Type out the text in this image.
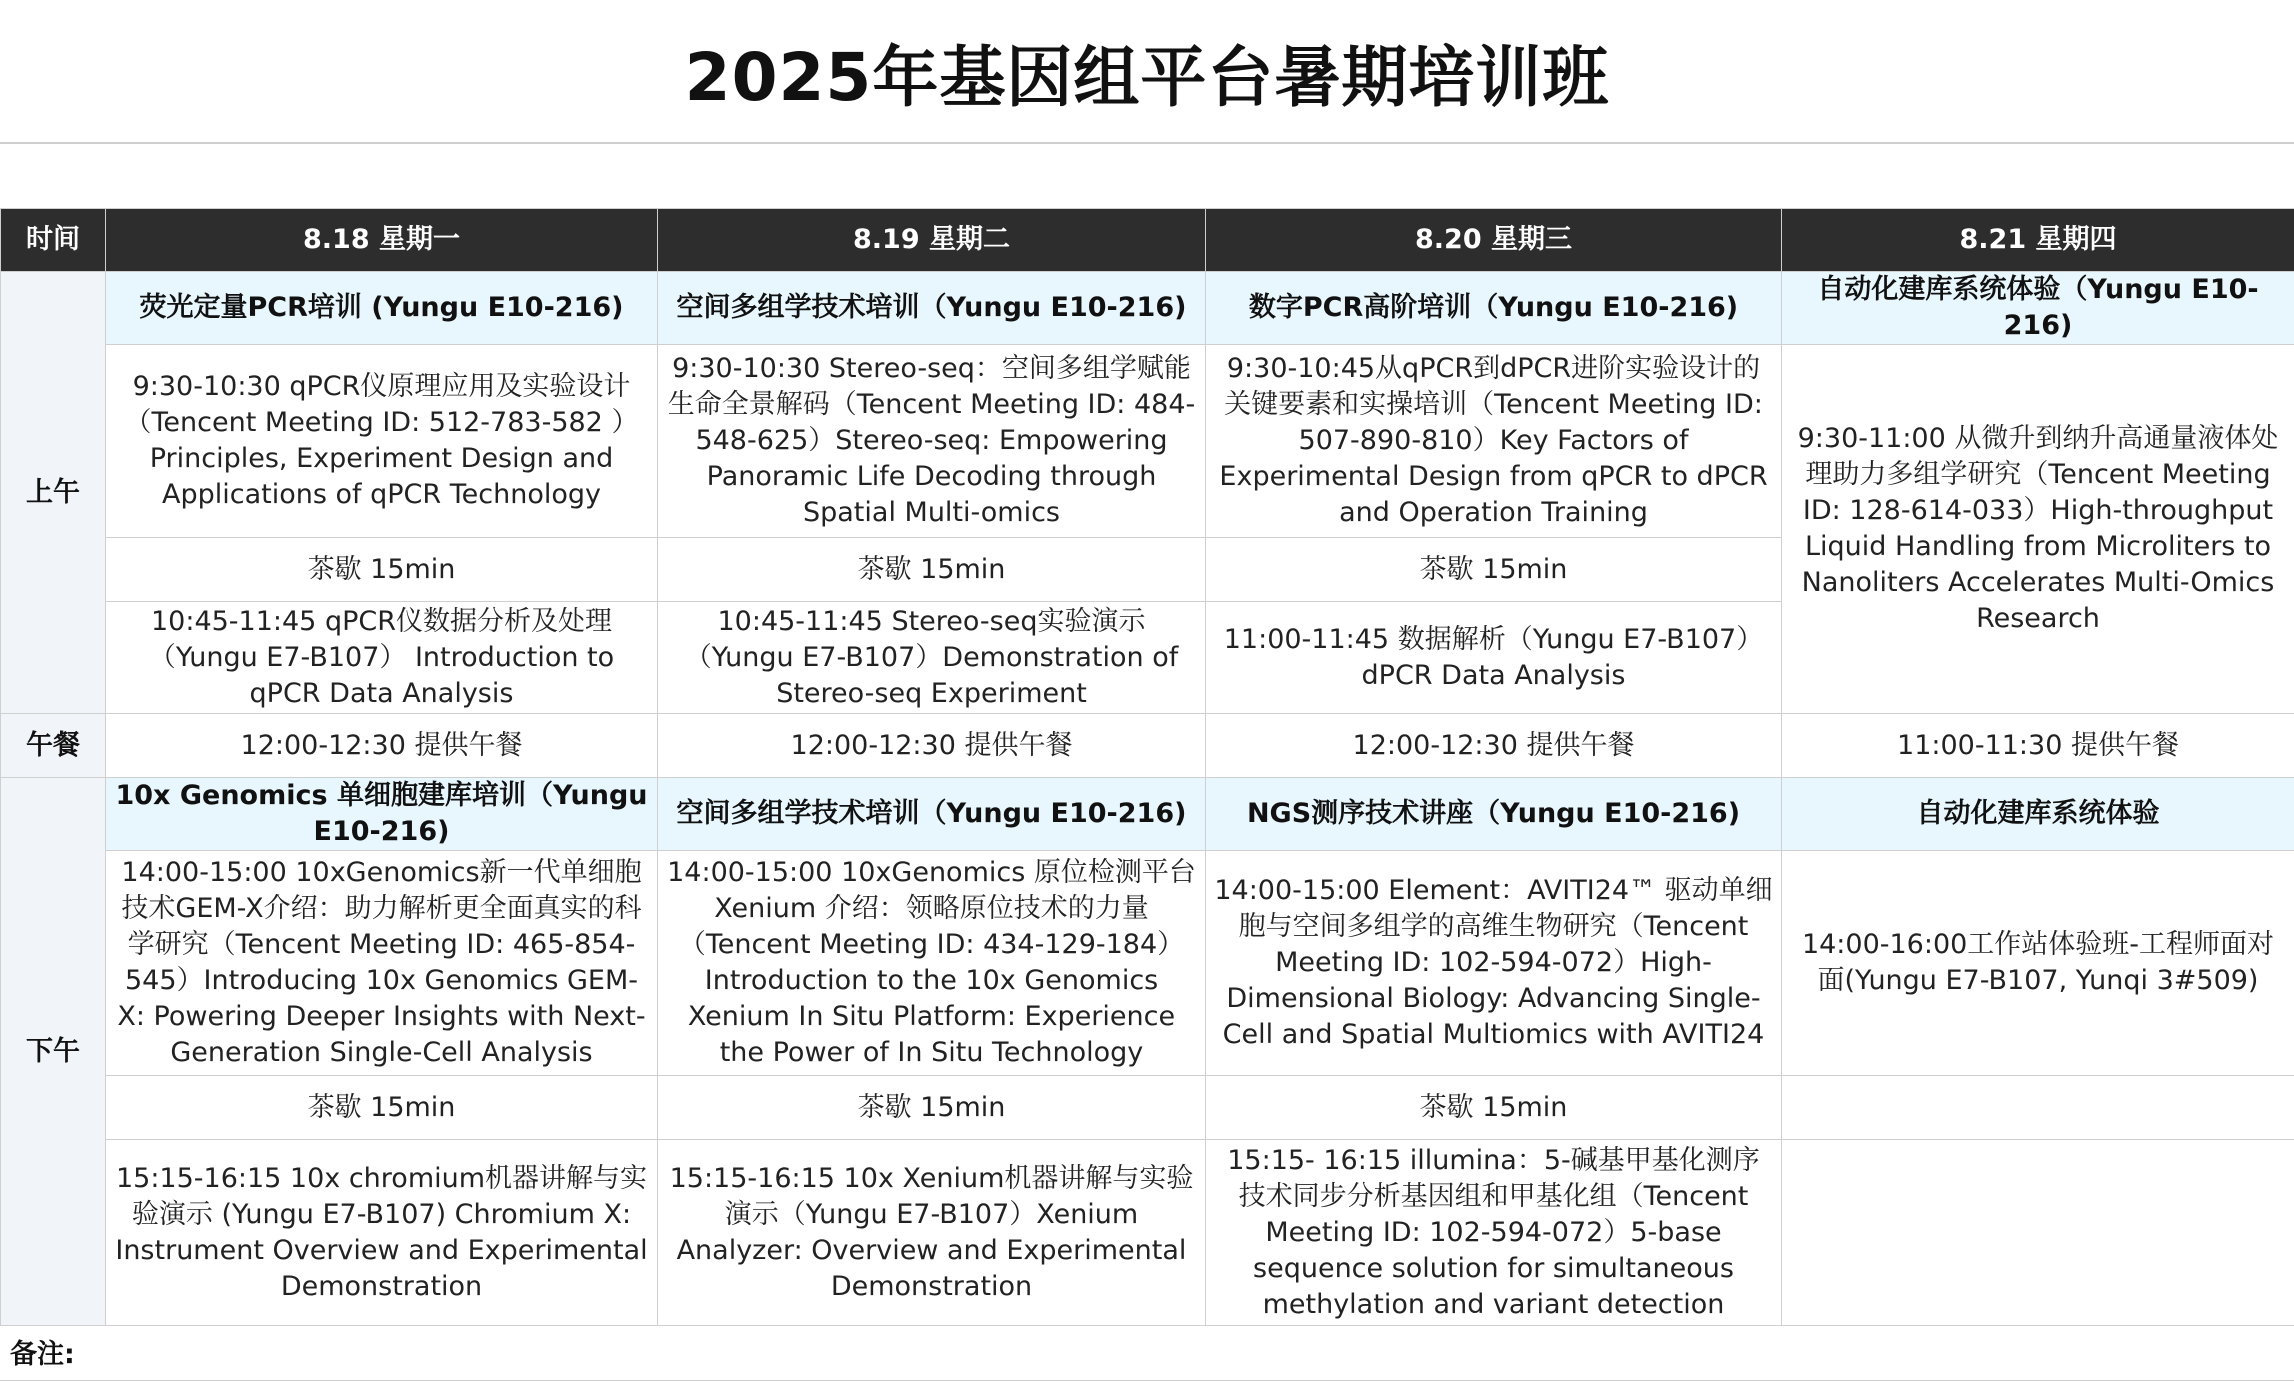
2025年基因组平台暑期培训班
时间	8.18 星期一	8.19 星期二	8.20 星期三	8.21 星期四
上午	荧光定量PCR培训 (Yungu E10-216)	空间多组学技术培训（Yungu E10-216)	数字PCR高阶培训（Yungu E10-216)	自动化建库系统体验（Yungu E10-216)
	9:30-10:30 qPCR仪原理应用及实验设计（Tencent Meeting ID: 512-783-582 ）Principles, Experiment Design and Applications of qPCR Technology	9:30-10:30 Stereo-seq：空间多组学赋能生命全景解码（Tencent Meeting ID: 484-548-625）Stereo-seq: Empowering Panoramic Life Decoding through Spatial Multi-omics	9:30-10:45从qPCR到dPCR进阶实验设计的关键要素和实操培训（Tencent Meeting ID: 507-890-810）Key Factors of Experimental Design from qPCR to dPCR and Operation Training	9:30-11:00 从微升到纳升高通量液体处理助力多组学研究（Tencent Meeting ID: 128-614-033）High-throughput Liquid Handling from Microliters to Nanoliters Accelerates Multi-Omics Research
	茶歇 15min	茶歇 15min	茶歇 15min	
	10:45-11:45 qPCR仪数据分析及处理（Yungu E7-B107） Introduction to qPCR Data Analysis	10:45-11:45 Stereo-seq实验演示（Yungu E7-B107）Demonstration of Stereo-seq Experiment	11:00-11:45 数据解析（Yungu E7-B107）dPCR Data Analysis	
午餐	12:00-12:30 提供午餐	12:00-12:30 提供午餐	12:00-12:30 提供午餐	11:00-11:30 提供午餐
下午	10x Genomics 单细胞建库培训（Yungu E10-216)	空间多组学技术培训（Yungu E10-216)	NGS测序技术讲座（Yungu E10-216)	自动化建库系统体验
	14:00-15:00 10xGenomics新一代单细胞技术GEM-X介绍：助力解析更全面真实的科学研究（Tencent Meeting ID: 465-854-545）Introducing 10x Genomics GEM-X: Powering Deeper Insights with Next-Generation Single-Cell Analysis	14:00-15:00 10xGenomics 原位检测平台Xenium 介绍：领略原位技术的力量（Tencent Meeting ID: 434-129-184）Introduction to the 10x Genomics Xenium In Situ Platform: Experience the Power of In Situ Technology	14:00-15:00 Element：AVITI24™ 驱动单细胞与空间多组学的高维生物研究（Tencent Meeting ID: 102-594-072）High-Dimensional Biology: Advancing Single-Cell and Spatial Multiomics with AVITI24	14:00-16:00工作站体验班-工程师面对面(Yungu E7-B107, Yunqi 3#509)
	茶歇 15min	茶歇 15min	茶歇 15min	
	15:15-16:15 10x chromium机器讲解与实验演示 (Yungu E7-B107) Chromium X: Instrument Overview and Experimental Demonstration	15:15-16:15 10x Xenium机器讲解与实验演示（Yungu E7-B107）Xenium Analyzer: Overview and Experimental Demonstration	15:15- 16:15 illumina：5-碱基甲基化测序技术同步分析基因组和甲基化组（Tencent Meeting ID: 102-594-072）5-base sequence solution for simultaneous methylation and variant detection	
备注:
